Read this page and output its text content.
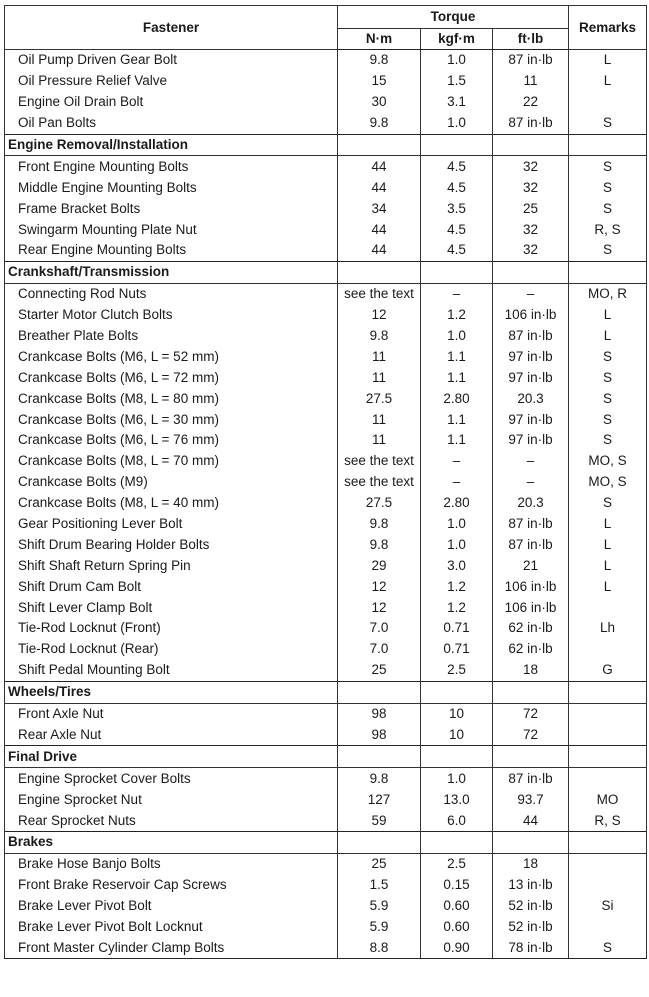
Fastener	Torque			Remarks
	N·m	kgf·m	ft·lb	
Oil Pump Driven Gear Bolt	9.8	1.0	87 in·lb	L
Oil Pressure Relief Valve	15	1.5	11	L
Engine Oil Drain Bolt	30	3.1	22	
Oil Pan Bolts	9.8	1.0	87 in·lb	S
Engine Removal/Installation				
Front Engine Mounting Bolts	44	4.5	32	S
Middle Engine Mounting Bolts	44	4.5	32	S
Frame Bracket Bolts	34	3.5	25	S
Swingarm Mounting Plate Nut	44	4.5	32	R, S
Rear Engine Mounting Bolts	44	4.5	32	S
Crankshaft/Transmission				
Connecting Rod Nuts	see the text	–	–	MO, R
Starter Motor Clutch Bolts	12	1.2	106 in·lb	L
Breather Plate Bolts	9.8	1.0	87 in·lb	L
Crankcase Bolts (M6, L = 52 mm)	11	1.1	97 in·lb	S
Crankcase Bolts (M6, L = 72 mm)	11	1.1	97 in·lb	S
Crankcase Bolts (M8, L = 80 mm)	27.5	2.80	20.3	S
Crankcase Bolts (M6, L = 30 mm)	11	1.1	97 in·lb	S
Crankcase Bolts (M6, L = 76 mm)	11	1.1	97 in·lb	S
Crankcase Bolts (M8, L = 70 mm)	see the text	–	–	MO, S
Crankcase Bolts (M9)	see the text	–	–	MO, S
Crankcase Bolts (M8, L = 40 mm)	27.5	2.80	20.3	S
Gear Positioning Lever Bolt	9.8	1.0	87 in·lb	L
Shift Drum Bearing Holder Bolts	9.8	1.0	87 in·lb	L
Shift Shaft Return Spring Pin	29	3.0	21	L
Shift Drum Cam Bolt	12	1.2	106 in·lb	L
Shift Lever Clamp Bolt	12	1.2	106 in·lb	
Tie-Rod Locknut (Front)	7.0	0.71	62 in·lb	Lh
Tie-Rod Locknut (Rear)	7.0	0.71	62 in·lb	
Shift Pedal Mounting Bolt	25	2.5	18	G
Wheels/Tires				
Front Axle Nut	98	10	72	
Rear Axle Nut	98	10	72	
Final Drive				
Engine Sprocket Cover Bolts	9.8	1.0	87 in·lb	
Engine Sprocket Nut	127	13.0	93.7	MO
Rear Sprocket Nuts	59	6.0	44	R, S
Brakes				
Brake Hose Banjo Bolts	25	2.5	18	
Front Brake Reservoir Cap Screws	1.5	0.15	13 in·lb	
Brake Lever Pivot Bolt	5.9	0.60	52 in·lb	Si
Brake Lever Pivot Bolt Locknut	5.9	0.60	52 in·lb	
Front Master Cylinder Clamp Bolts	8.8	0.90	78 in·lb	S
